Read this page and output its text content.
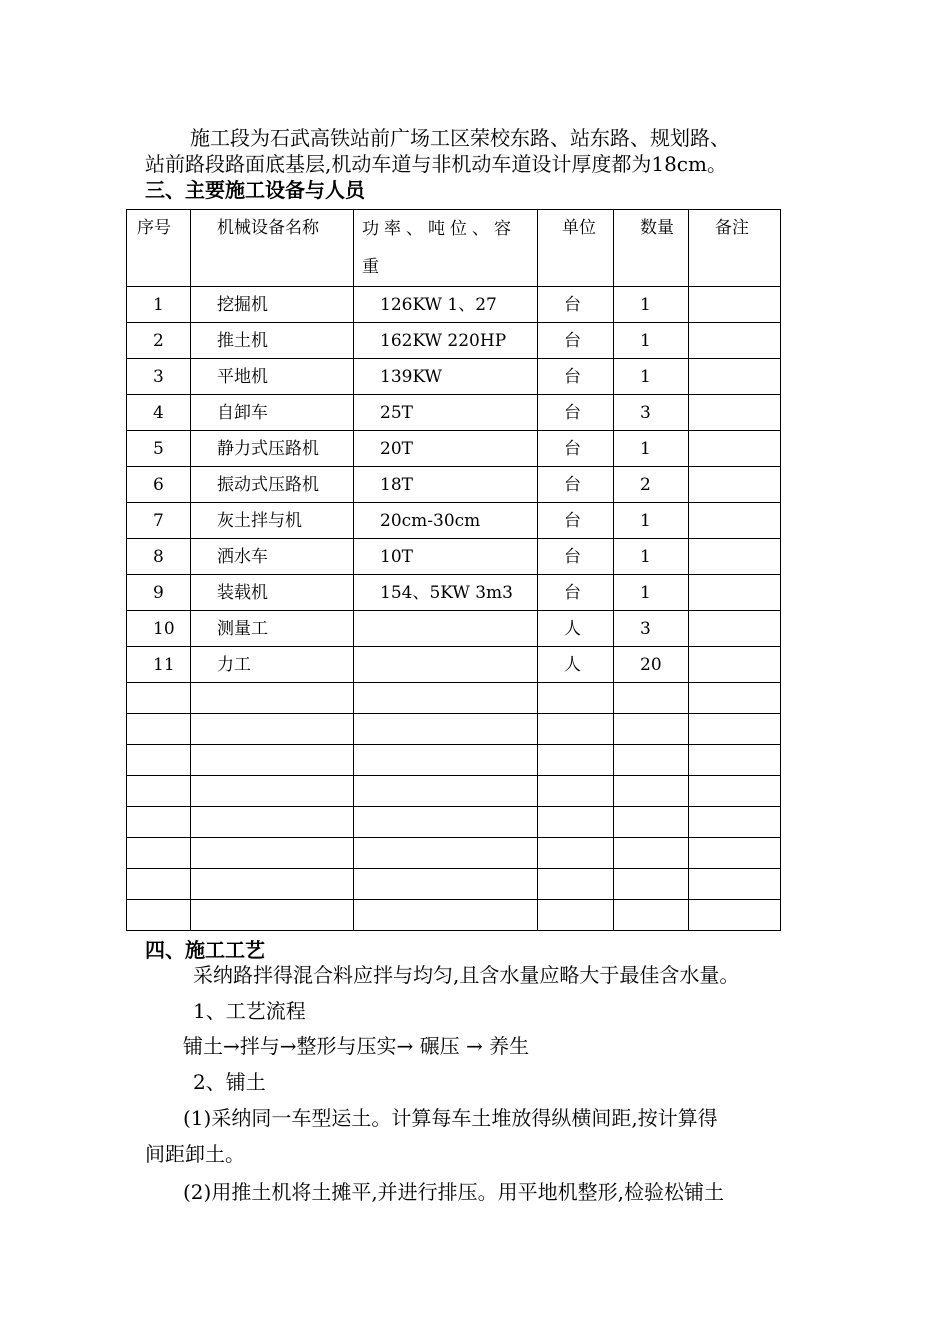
施工段为石武高铁站前广场工区荣校东路、站东路、规划路、

站前路段路面底基层,机动车道与非机动车道设计厚度都为18cm。

三、主要施工设备与人员

序号	机械设备名称	功率、吨位、容重	单位	数量	备注

1	挖掘机	126KW 1、27	台	1	

2	推土机	162KW 220HP	台	1	

3	平地机	139KW	台	1	

4	自卸车	25T	台	3	

5	静力式压路机	20T	台	1	

6	振动式压路机	18T	台	2	

7	灰土拌与机	20cm-30cm	台	1	

8	洒水车	10T	台	1	

9	装载机	154、5KW 3m3	台	1	

10	测量工		人	3	

11	力工		人	20	

四、施工工艺

采纳路拌得混合料应拌与均匀,且含水量应略大于最佳含水量。

1、工艺流程

铺土→拌与→整形与压实→ 碾压 → 养生

2、铺土

(1)采纳同一车型运土。计算每车土堆放得纵横间距,按计算得

间距卸土。

(2)用推土机将土摊平,并进行排压。用平地机整形,检验松铺土
